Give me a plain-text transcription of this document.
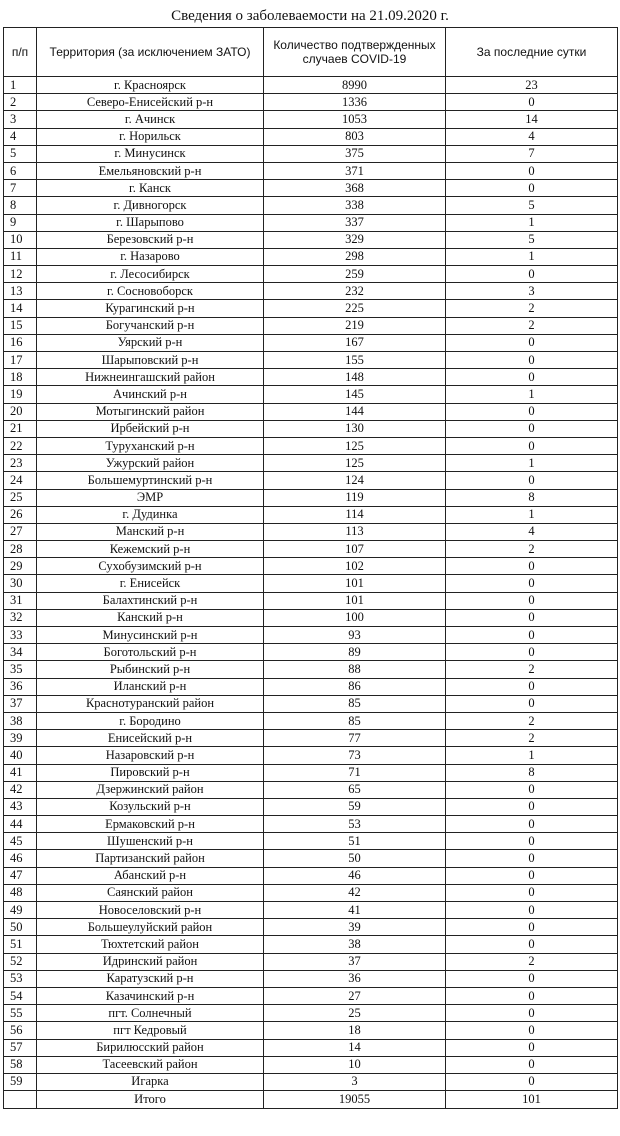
Сведения о заболеваемости на 21.09.2020 г.
п/п	Территория (за исключением ЗАТО)	Количество подтвержденных случаев COVID-19	За последние сутки
1	г. Красноярск	8990	23
2	Северо-Енисейский р-н	1336	0
3	г. Ачинск	1053	14
4	г. Норильск	803	4
5	г. Минусинск	375	7
6	Емельяновский р-н	371	0
7	г. Канск	368	0
8	г. Дивногорск	338	5
9	г. Шарыпово	337	1
10	Березовский р-н	329	5
11	г. Назарово	298	1
12	г. Лесосибирск	259	0
13	г. Сосновоборск	232	3
14	Курагинский р-н	225	2
15	Богучанский р-н	219	2
16	Уярский р-н	167	0
17	Шарыповский р-н	155	0
18	Нижнеингашский район	148	0
19	Ачинский р-н	145	1
20	Мотыгинский район	144	0
21	Ирбейский р-н	130	0
22	Туруханский р-н	125	0
23	Ужурский район	125	1
24	Большемуртинский р-н	124	0
25	ЭМР	119	8
26	г. Дудинка	114	1
27	Манский р-н	113	4
28	Кежемский р-н	107	2
29	Сухобузимский р-н	102	0
30	г. Енисейск	101	0
31	Балахтинский р-н	101	0
32	Канский р-н	100	0
33	Минусинский р-н	93	0
34	Боготольский р-н	89	0
35	Рыбинский р-н	88	2
36	Иланский р-н	86	0
37	Краснотуранский район	85	0
38	г. Бородино	85	2
39	Енисейский р-н	77	2
40	Назаровский р-н	73	1
41	Пировский р-н	71	8
42	Дзержинский район	65	0
43	Козульский р-н	59	0
44	Ермаковский р-н	53	0
45	Шушенский р-н	51	0
46	Партизанский район	50	0
47	Абанский р-н	46	0
48	Саянский район	42	0
49	Новоселовский р-н	41	0
50	Большеулуйский район	39	0
51	Тюхтетский район	38	0
52	Идринский район	37	2
53	Каратузский р-н	36	0
54	Казачинский р-н	27	0
55	пгт. Солнечный	25	0
56	пгт Кедровый	18	0
57	Бирилюсский район	14	0
58	Тасеевский район	10	0
59	Игарка	3	0
	Итого	19055	101
